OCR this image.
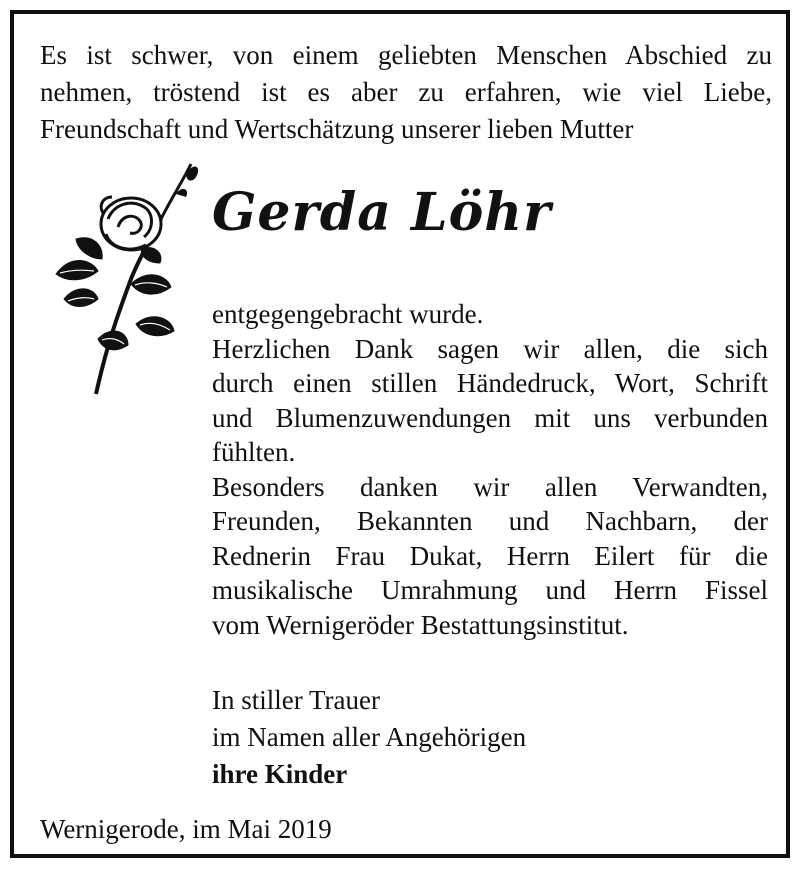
Es ist schwer, von einem geliebten Menschen Abschied zu
nehmen, tröstend ist es aber zu erfahren, wie viel Liebe,
Freundschaft und Wertschätzung unserer lieben Mutter
Gerda Löhr
entgegengebracht wurde.
Herzlichen Dank sagen wir allen, die sich
durch einen stillen Händedruck, Wort, Schrift
und Blumenzuwendungen mit uns verbunden
fühlten.
Besonders danken wir allen Verwandten,
Freunden, Bekannten und Nachbarn, der
Rednerin Frau Dukat, Herrn Eilert für die
musikalische Umrahmung und Herrn Fissel
vom Wernigeröder Bestattungsinstitut.
In stiller Trauer
im Namen aller Angehörigen
ihre Kinder
Wernigerode, im Mai 2019
